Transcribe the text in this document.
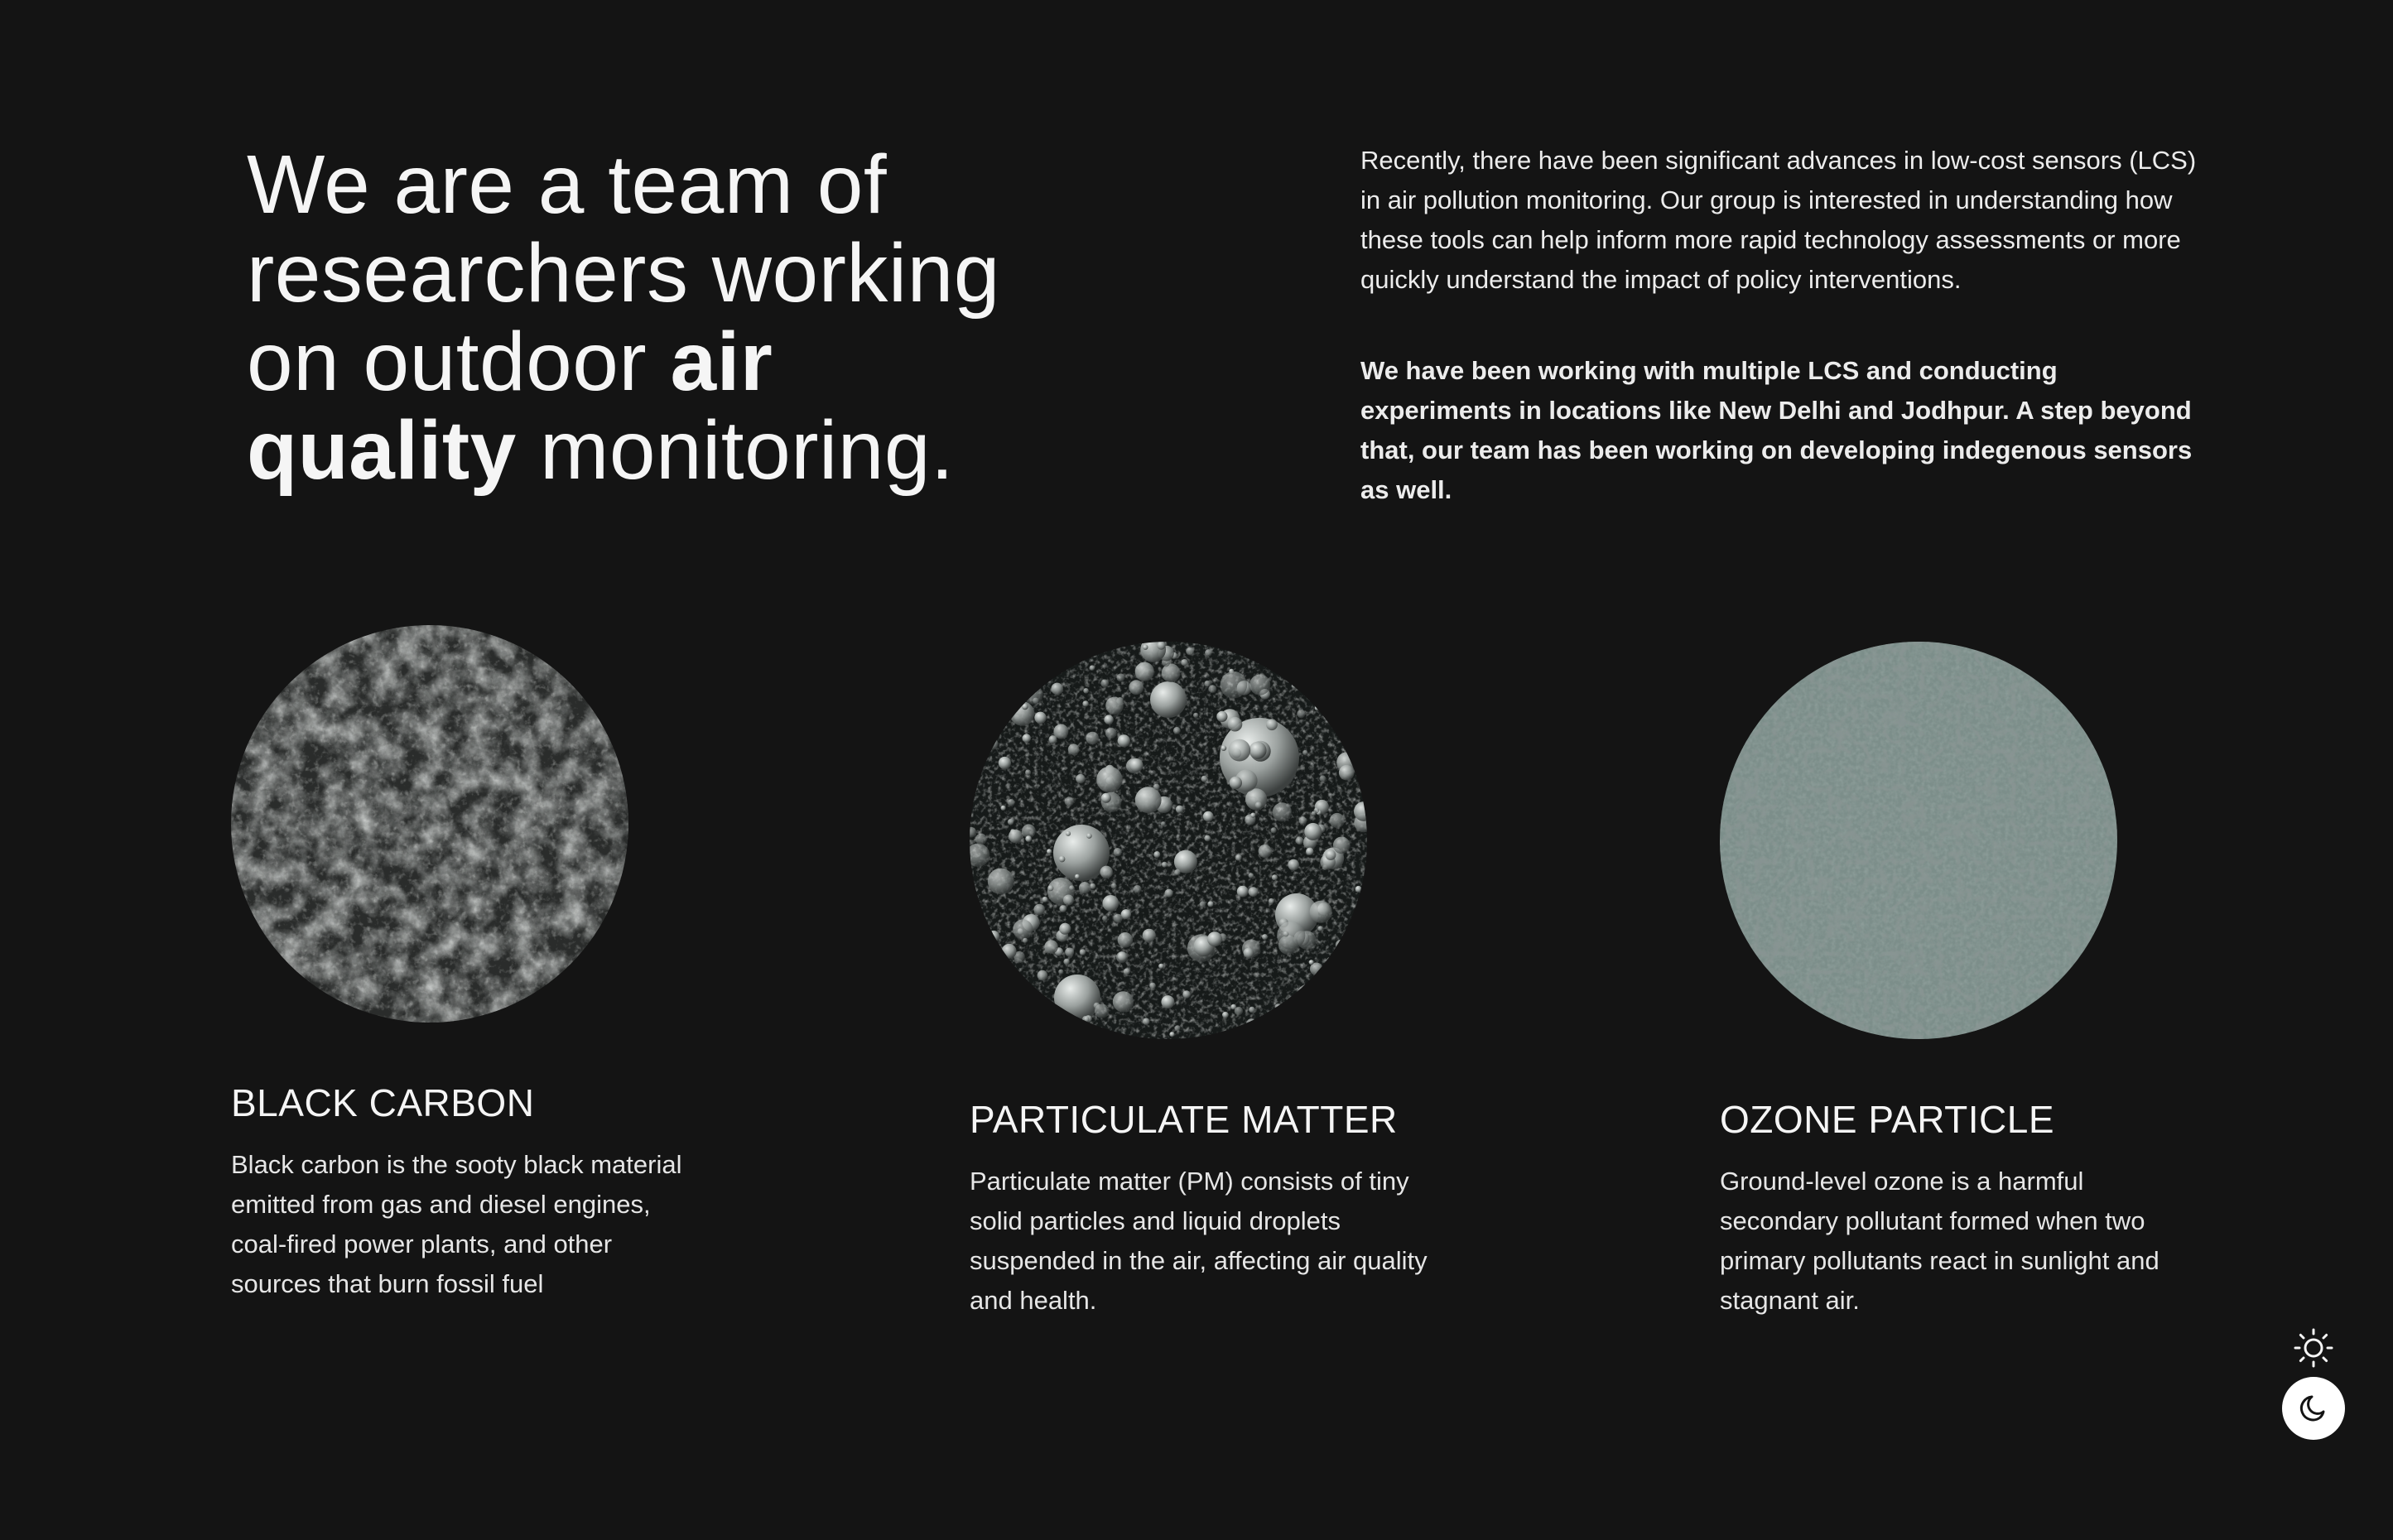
We are a team of
researchers working
on outdoor air
quality monitoring.

Recently, there have been significant advances in low-cost sensors (LCS) in air pollution monitoring. Our group is interested in understanding how these tools can help inform more rapid technology assessments or more quickly understand the impact of policy interventions.

We have been working with multiple LCS and conducting experiments in locations like New Delhi and Jodhpur. A step beyond that, our team has been working on developing indegenous sensors as well.

BLACK CARBON

Black carbon is the sooty black material emitted from gas and diesel engines, coal-fired power plants, and other sources that burn fossil fuel

PARTICULATE MATTER

Particulate matter (PM) consists of tiny solid particles and liquid droplets suspended in the air, affecting air quality and health.

OZONE PARTICLE

Ground-level ozone is a harmful secondary pollutant formed when two primary pollutants react in sunlight and stagnant air.
